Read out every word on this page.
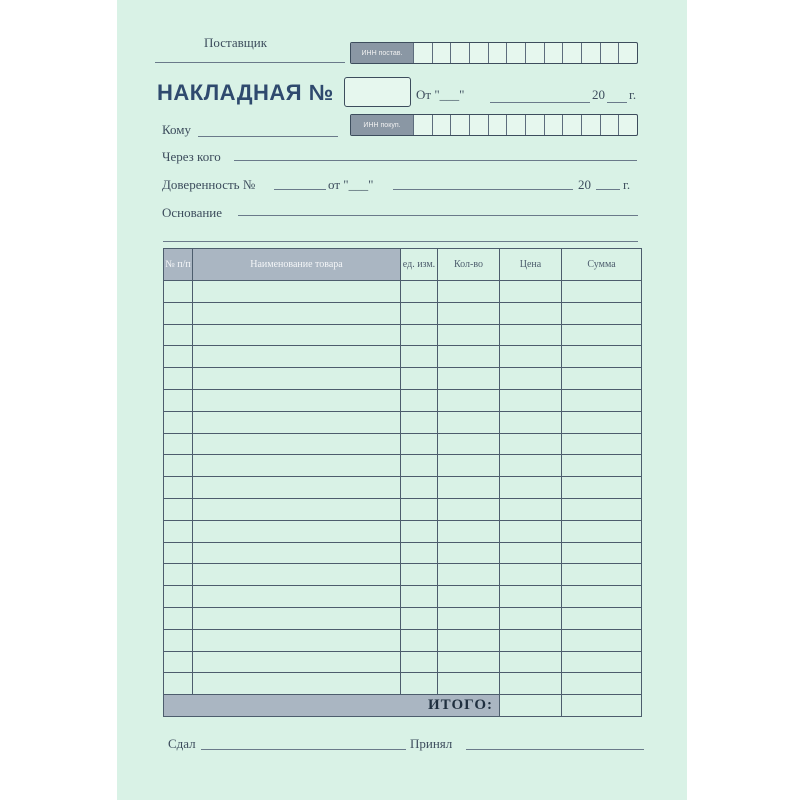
Поставщик
ИНН постав.
НАКЛАДНАЯ №	От "___"	20 г.
Кому	ИНН покуп.
Через кого
Доверенность №	от "___"	20 г.
Основание
№ п/п	Наименование товара	ед. изм.	Кол-во	Цена	Сумма

ИТОГО:					
Сдал	Принял
